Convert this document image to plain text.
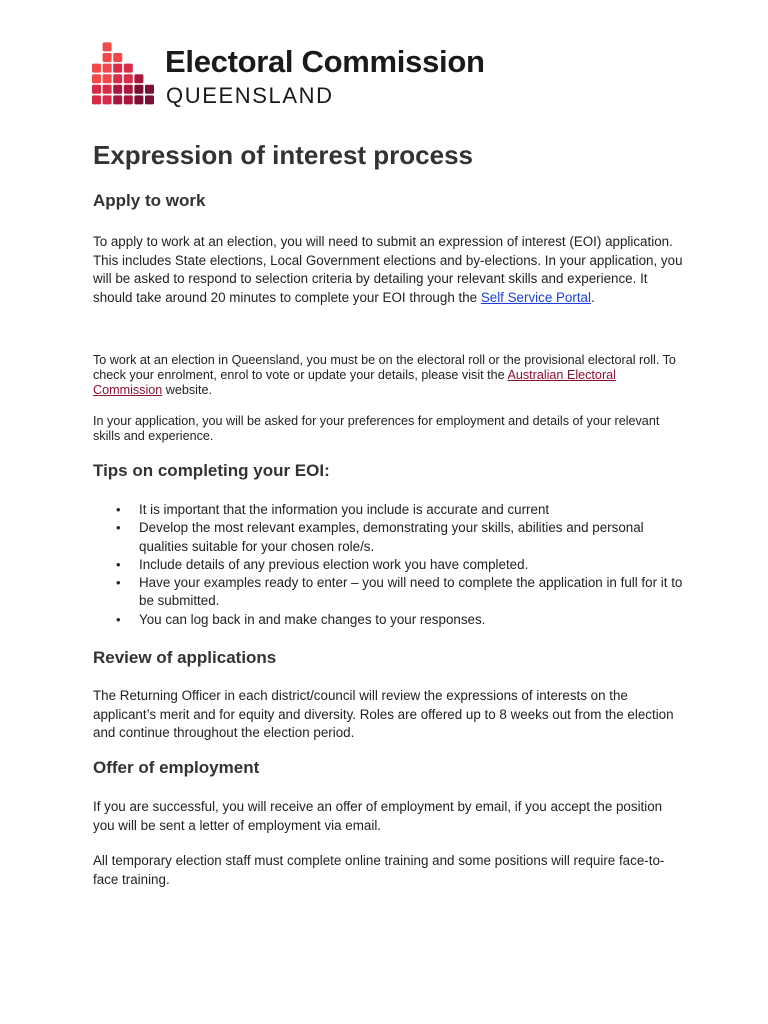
Electoral Commission
QUEENSLAND
Expression of interest process
Apply to work

To apply to work at an election, you will need to submit an expression of interest (EOI) application. This includes State elections, Local Government elections and by-elections. In your application, you will be asked to respond to selection criteria by detailing your relevant skills and experience. It should take around 20 minutes to complete your EOI through the Self Service Portal.

To work at an election in Queensland, you must be on the electoral roll or the provisional electoral roll. To check your enrolment, enrol to vote or update your details, please visit the Australian Electoral Commission website.

In your application, you will be asked for your preferences for employment and details of your relevant skills and experience.

Tips on completing your EOI:
• It is important that the information you include is accurate and current
• Develop the most relevant examples, demonstrating your skills, abilities and personal qualities suitable for your chosen role/s.
• Include details of any previous election work you have completed.
• Have your examples ready to enter – you will need to complete the application in full for it to be submitted.
• You can log back in and make changes to your responses.
Review of applications

The Returning Officer in each district/council will review the expressions of interests on the applicant’s merit and for equity and diversity. Roles are offered up to 8 weeks out from the election and continue throughout the election period.

Offer of employment

If you are successful, you will receive an offer of employment by email, if you accept the position you will be sent a letter of employment via email.

All temporary election staff must complete online training and some positions will require face-to-face training.
